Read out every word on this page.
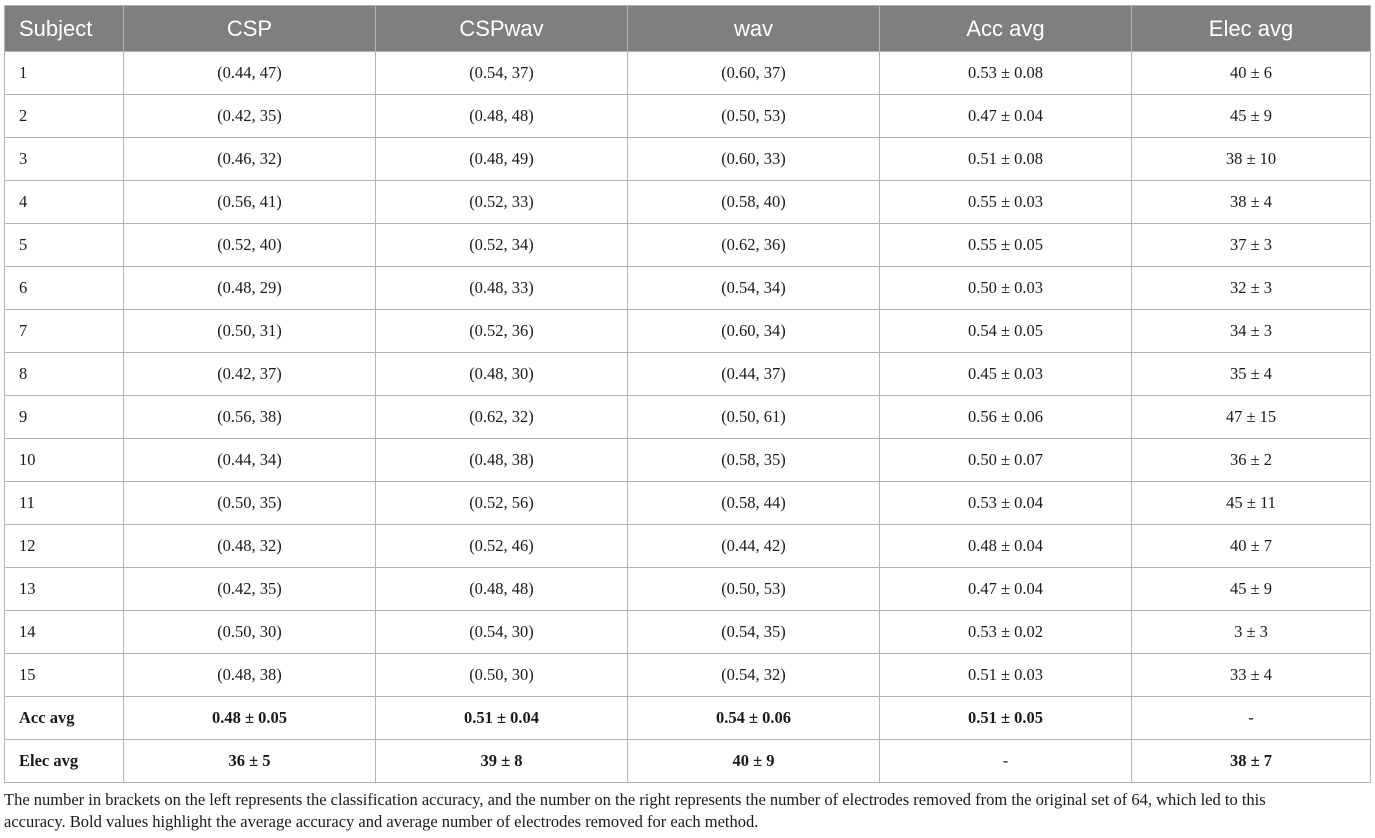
Subject	CSP	CSPwav	wav	Acc avg	Elec avg
1	(0.44, 47)	(0.54, 37)	(0.60, 37)	0.53 ± 0.08	40 ± 6
2	(0.42, 35)	(0.48, 48)	(0.50, 53)	0.47 ± 0.04	45 ± 9
3	(0.46, 32)	(0.48, 49)	(0.60, 33)	0.51 ± 0.08	38 ± 10
4	(0.56, 41)	(0.52, 33)	(0.58, 40)	0.55 ± 0.03	38 ± 4
5	(0.52, 40)	(0.52, 34)	(0.62, 36)	0.55 ± 0.05	37 ± 3
6	(0.48, 29)	(0.48, 33)	(0.54, 34)	0.50 ± 0.03	32 ± 3
7	(0.50, 31)	(0.52, 36)	(0.60, 34)	0.54 ± 0.05	34 ± 3
8	(0.42, 37)	(0.48, 30)	(0.44, 37)	0.45 ± 0.03	35 ± 4
9	(0.56, 38)	(0.62, 32)	(0.50, 61)	0.56 ± 0.06	47 ± 15
10	(0.44, 34)	(0.48, 38)	(0.58, 35)	0.50 ± 0.07	36 ± 2
11	(0.50, 35)	(0.52, 56)	(0.58, 44)	0.53 ± 0.04	45 ± 11
12	(0.48, 32)	(0.52, 46)	(0.44, 42)	0.48 ± 0.04	40 ± 7
13	(0.42, 35)	(0.48, 48)	(0.50, 53)	0.47 ± 0.04	45 ± 9
14	(0.50, 30)	(0.54, 30)	(0.54, 35)	0.53 ± 0.02	3 ± 3
15	(0.48, 38)	(0.50, 30)	(0.54, 32)	0.51 ± 0.03	33 ± 4
Acc avg	0.48 ± 0.05	0.51 ± 0.04	0.54 ± 0.06	0.51 ± 0.05	-
Elec avg	36 ± 5	39 ± 8	40 ± 9	-	38 ± 7
The number in brackets on the left represents the classification accuracy, and the number on the right represents the number of electrodes removed from the original set of 64, which led to this
accuracy. Bold values highlight the average accuracy and average number of electrodes removed for each method.
